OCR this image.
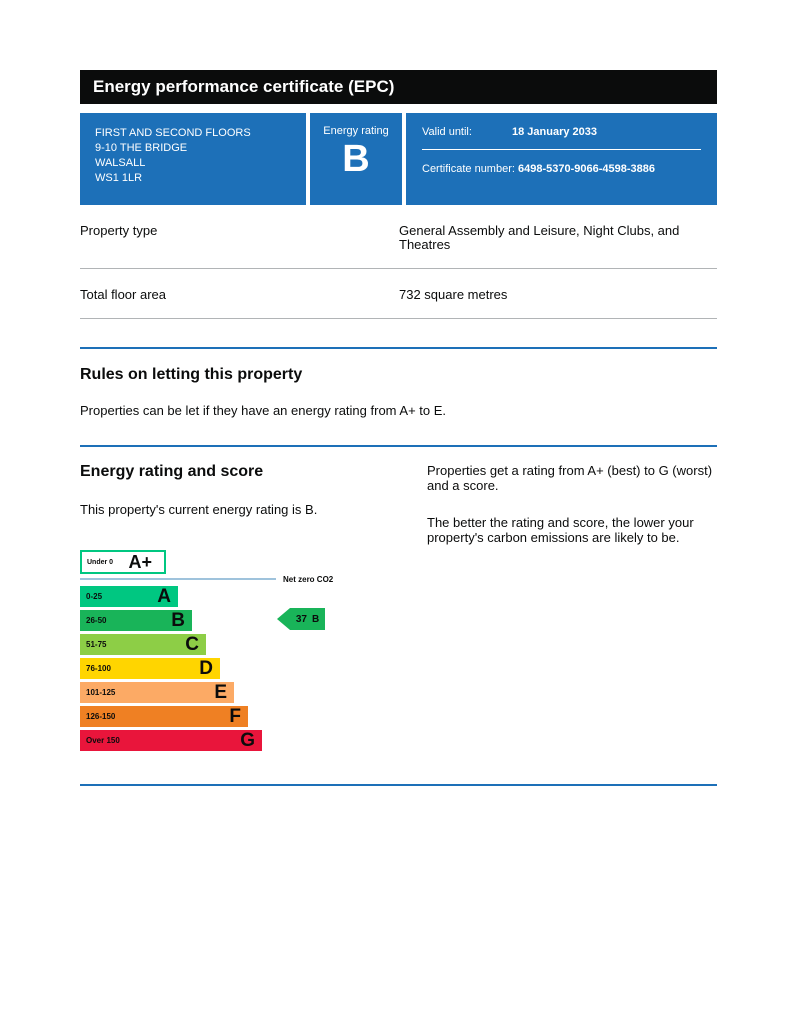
Energy performance certificate (EPC)
FIRST AND SECOND FLOORS
9-10 THE BRIDGE
WALSALL
WS1 1LR
Energy rating
B
Valid until:	18 January 2033
Certificate number:
6498-5370-9066-4598-3886
Property type	General Assembly and Leisure, Night Clubs, and Theatres
Total floor area	732 square metres
Rules on letting this property

Properties can be let if they have an energy rating from A+ to E.

Energy rating and score
This property's current energy rating is B.
Under 0 A+
Net zero CO2
0-25	A
26-50	B
51-75	C
76-100	D
101-125	E
126-150	F
Over 150	G
37 B

Properties get a rating from A+ (best) to G (worst) and a score.

The better the rating and score, the lower your property's carbon emissions are likely to be.
